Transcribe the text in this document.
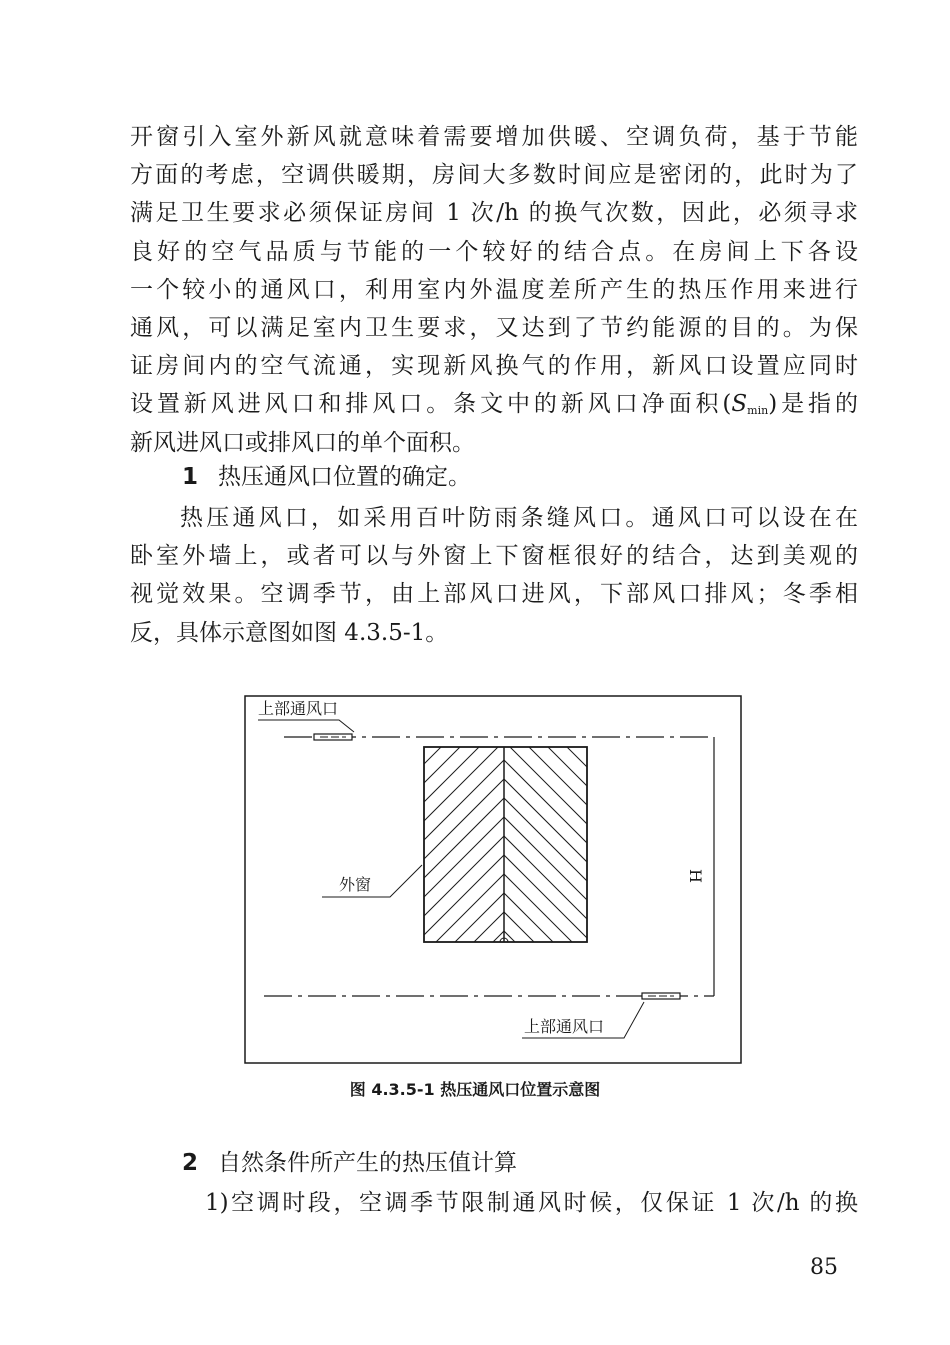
开窗引入室外新风就意味着需要增加供暖、空调负荷，基于节能
方面的考虑，空调供暖期，房间大多数时间应是密闭的，此时为了
满足卫生要求必须保证房间 1 次/h 的换气次数，因此，必须寻求
良好的空气品质与节能的一个较好的结合点。在房间上下各设
一个较小的通风口，利用室内外温度差所产生的热压作用来进行
通风，可以满足室内卫生要求，又达到了节约能源的目的。为保
证房间内的空气流通，实现新风换气的作用，新风口设置应同时
设置新风进风口和排风口。条文中的新风口净面积$(S_{min})$是指的
新风进风口或排风口的单个面积。
1 热压通风口位置的确定。
热压通风口，如采用百叶防雨条缝风口。通风口可以设在在
卧室外墙上，或者可以与外窗上下窗框很好的结合，达到美观的
视觉效果。空调季节，由上部风口进风，下部风口排风；冬季相
反，具体示意图如图 4.3.5-1。
上部通风口
外窗	H
上部通风口
图 4.3.5-1 热压通风口位置示意图
2 自然条件所产生的热压值计算
1)空调时段，空调季节限制通风时候，仅保证 1 次/h 的换
85
